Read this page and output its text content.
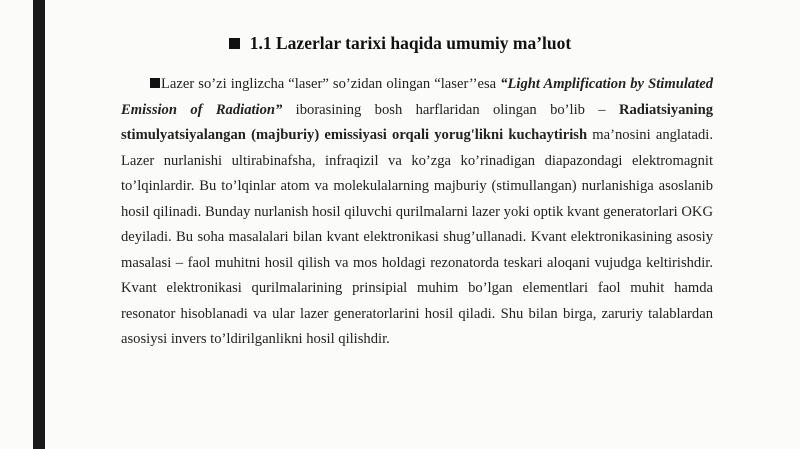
1.1 Lazerlar tarixi haqida umumiy ma’luot
Lazer so’zi inglizcha “laser” so’zidan olingan “laser’’esa “Light Amplification by Stimulated Emission of Radiation” iborasining bosh harflaridan olingan bo’lib – Radiatsiyaning stimulyatsiyalangan (majburiy) emissiyasi orqali yorug'likni kuchaytirish ma’nosini anglatadi. Lazer nurlanishi ultirabinafsha, infraqizil va ko’zga ko’rinadigan diapazondagi elektromagnit to’lqinlardir. Bu to’lqinlar atom va molekulalarning majburiy (stimullangan) nurlanishiga asoslanib hosil qilinadi. Bunday nurlanish hosil qiluvchi qurilmalarni lazer yoki optik kvant generatorlari OKG deyiladi. Bu soha masalalari bilan kvant elektronikasi shug’ullanadi. Kvant elektronikasining asosiy masalasi – faol muhitni hosil qilish va mos holdagi rezonatorda teskari aloqani vujudga keltirishdir. Kvant elektronikasi qurilmalarining prinsipial muhim bo’lgan elementlari faol muhit hamda resonator hisoblanadi va ular lazer generatorlarini hosil qiladi. Shu bilan birga, zaruriy talablardan asosiysi invers to’ldirilganlikni hosil qilishdir.
